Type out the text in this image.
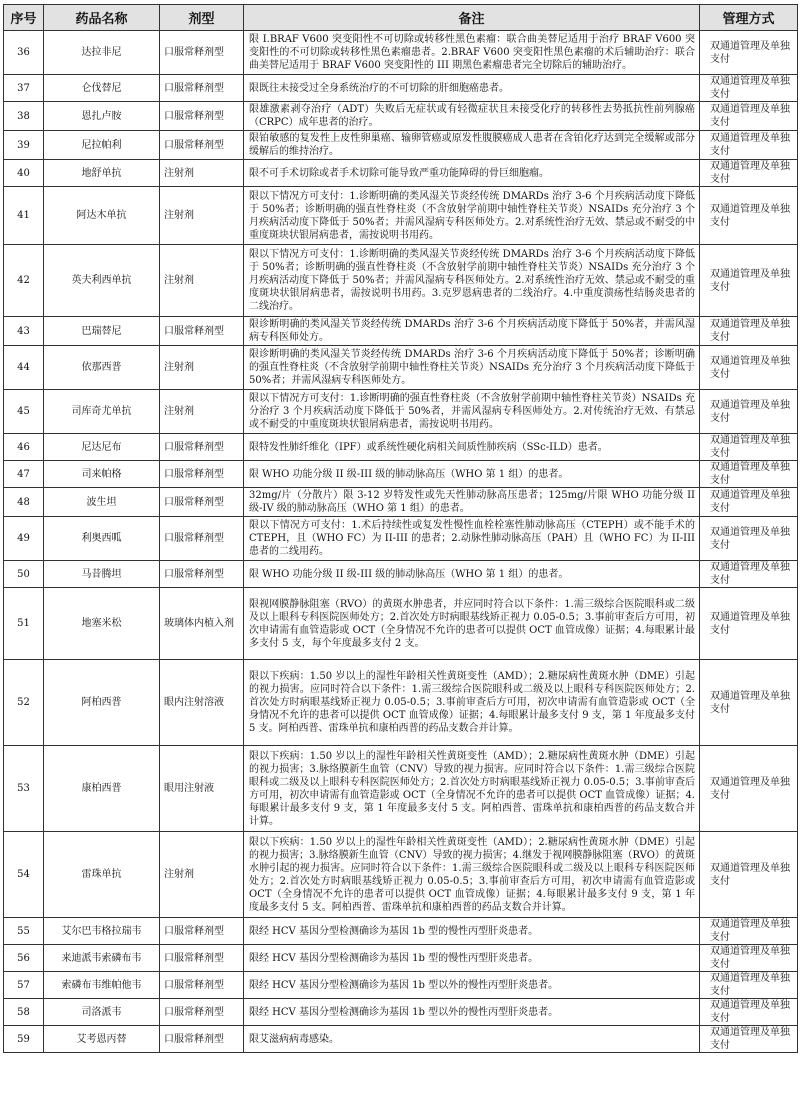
序号	药品名称	剂型	备注	管理方式
36	达拉非尼	口服常释剂型	限 I.BRAF V600 突变阳性不可切除或转移性黑色素瘤：联合曲美替尼适用于治疗 BRAF V600 突变阳性的不可切除或转移性黑色素瘤患者。2.BRAF V600 突变阳性黑色素瘤的术后辅助治疗：联合曲美替尼适用于 BRAF V600 突变阳性的 III 期黑色素瘤患者完全切除后的辅助治疗。	双通道管理及单独支付
37	仑伐替尼	口服常释剂型	限既往未接受过全身系统治疗的不可切除的肝细胞癌患者。	双通道管理及单独支付
38	恩扎卢胺	口服常释剂型	限雄激素剥夺治疗（ADT）失败后无症状或有轻微症状且未接受化疗的转移性去势抵抗性前列腺癌（CRPC）成年患者的治疗。	双通道管理及单独支付
39	尼拉帕利	口服常释剂型	限铂敏感的复发性上皮性卵巢癌、输卵管癌或原发性腹膜癌成人患者在含铂化疗达到完全缓解或部分缓解后的维持治疗。	双通道管理及单独支付
40	地舒单抗	注射剂	限不可手术切除或者手术切除可能导致严重功能障碍的骨巨细胞瘤。	双通道管理及单独支付
41	阿达木单抗	注射剂	限以下情况方可支付：1.诊断明确的类风湿关节炎经传统 DMARDs 治疗 3-6 个月疾病活动度下降低于 50%者；诊断明确的强直性脊柱炎（不含放射学前期中轴性脊柱关节炎）NSAIDs 充分治疗 3 个月疾病活动度下降低于 50%者；并需风湿病专科医师处方。2.对系统性治疗无效、禁忌或不耐受的中重度斑块状银屑病患者，需按说明书用药。	双通道管理及单独支付
42	英夫利西单抗	注射剂	限以下情况方可支付：1.诊断明确的类风湿关节炎经传统 DMARDs 治疗 3-6 个月疾病活动度下降低于 50%者；诊断明确的强直性脊柱炎（不含放射学前期中轴性脊柱关节炎）NSAIDs 充分治疗 3 个月疾病活动度下降低于 50%者；并需风湿病专科医师处方。2.对系统性治疗无效、禁忌或不耐受的重度斑块状银屑病患者，需按说明书用药。3.克罗恩病患者的二线治疗。4.中重度溃疡性结肠炎患者的二线治疗。	双通道管理及单独支付
43	巴瑞替尼	口服常释剂型	限诊断明确的类风湿关节炎经传统 DMARDs 治疗 3-6 个月疾病活动度下降低于 50%者，并需风湿病专科医师处方。	双通道管理及单独支付
44	依那西普	注射剂	限诊断明确的类风湿关节炎经传统 DMARDs 治疗 3-6 个月疾病活动度下降低于 50%者；诊断明确的强直性脊柱炎（不含放射学前期中轴性脊柱关节炎）NSAIDs 充分治疗 3 个月疾病活动度下降低于 50%者；并需风湿病专科医师处方。	双通道管理及单独支付
45	司库奇尤单抗	注射剂	限以下情况方可支付：1.诊断明确的强直性脊柱炎（不含放射学前期中轴性脊柱关节炎）NSAIDs 充分治疗 3 个月疾病活动度下降低于 50%者，并需风湿病专科医师处方。2.对传统治疗无效、有禁忌或不耐受的中重度斑块状银屑病患者，需按说明书用药。	双通道管理及单独支付
46	尼达尼布	口服常释剂型	限特发性肺纤维化（IPF）或系统性硬化病相关间质性肺疾病（SSc-ILD）患者。	双通道管理及单独支付
47	司来帕格	口服常释剂型	限 WHO 功能分级 II 级-III 级的肺动脉高压（WHO 第 1 组）的患者。	双通道管理及单独支付
48	波生坦	口服常释剂型	32mg/片（分散片）限 3-12 岁特发性或先天性肺动脉高压患者；125mg/片限 WHO 功能分级 II 级-IV 级的肺动脉高压（WHO 第 1 组）的患者。	双通道管理及单独支付
49	利奥西呱	口服常释剂型	限以下情况方可支付：1.术后持续性或复发性慢性血栓栓塞性肺动脉高压（CTEPH）或不能手术的 CTEPH，且（WHO FC）为 II-III 的患者；2.动脉性肺动脉高压（PAH）且（WHO FC）为 II-III 患者的二线用药。	双通道管理及单独支付
50	马昔腾坦	口服常释剂型	限 WHO 功能分级 II 级-III 级的肺动脉高压（WHO 第 1 组）的患者。	双通道管理及单独支付
51	地塞米松	玻璃体内植入剂	限视网膜静脉阻塞（RVO）的黄斑水肿患者，并应同时符合以下条件：1.需三级综合医院眼科或二级及以上眼科专科医院医师处方；2.首次处方时病眼基线矫正视力 0.05-0.5；3.事前审查后方可用，初次申请需有血管造影或 OCT（全身情况不允许的患者可以提供 OCT 血管成像）证据；4.每眼累计最多支付 5 支，每个年度最多支付 2 支。	双通道管理及单独支付
52	阿柏西普	眼内注射溶液	限以下疾病：1.50 岁以上的湿性年龄相关性黄斑变性（AMD）；2.糖尿病性黄斑水肿（DME）引起的视力损害。应同时符合以下条件：1.需三级综合医院眼科或二级及以上眼科专科医院医师处方；2.首次处方时病眼基线矫正视力 0.05-0.5；3.事前审查后方可用，初次申请需有血管造影或 OCT（全身情况不允许的患者可以提供 OCT 血管成像）证据；4.每眼累计最多支付 9 支，第 1 年度最多支付 5 支。阿柏西普、雷珠单抗和康柏西普的药品支数合并计算。	双通道管理及单独支付
53	康柏西普	眼用注射液	限以下疾病：1.50 岁以上的湿性年龄相关性黄斑变性（AMD）；2.糖尿病性黄斑水肿（DME）引起的视力损害；3.脉络膜新生血管（CNV）导致的视力损害。应同时符合以下条件：1.需三级综合医院眼科或二级及以上眼科专科医院医师处方；2.首次处方时病眼基线矫正视力 0.05-0.5；3.事前审查后方可用，初次申请需有血管造影或 OCT（全身情况不允许的患者可以提供 OCT 血管成像）证据；4.每眼累计最多支付 9 支，第 1 年度最多支付 5 支。阿柏西普、雷珠单抗和康柏西普的药品支数合并计算。	双通道管理及单独支付
54	雷珠单抗	注射剂	限以下疾病：1.50 岁以上的湿性年龄相关性黄斑变性（AMD）；2.糖尿病性黄斑水肿（DME）引起的视力损害；3.脉络膜新生血管（CNV）导致的视力损害；4.继发于视网膜静脉阻塞（RVO）的黄斑水肿引起的视力损害。应同时符合以下条件：1.需三级综合医院眼科或二级及以上眼科专科医院医师处方；2.首次处方时病眼基线矫正视力 0.05-0.5；3.事前审查后方可用，初次申请需有血管造影或 OCT（全身情况不允许的患者可以提供 OCT 血管成像）证据；4.每眼累计最多支付 9 支，第 1 年度最多支付 5 支。阿柏西普、雷珠单抗和康柏西普的药品支数合并计算。	双通道管理及单独支付
55	艾尔巴韦格拉瑞韦	口服常释剂型	限经 HCV 基因分型检测确诊为基因 1b 型的慢性丙型肝炎患者。	双通道管理及单独支付
56	来迪派韦索磷布韦	口服常释剂型	限经 HCV 基因分型检测确诊为基因 1b 型的慢性丙型肝炎患者。	双通道管理及单独支付
57	索磷布韦维帕他韦	口服常释剂型	限经 HCV 基因分型检测确诊为基因 1b 型以外的慢性丙型肝炎患者。	双通道管理及单独支付
58	司洛派韦	口服常释剂型	限经 HCV 基因分型检测确诊为基因 1b 型以外的慢性丙型肝炎患者。	双通道管理及单独支付
59	艾考恩丙替	口服常释剂型	限艾滋病病毒感染。	双通道管理及单独支付
